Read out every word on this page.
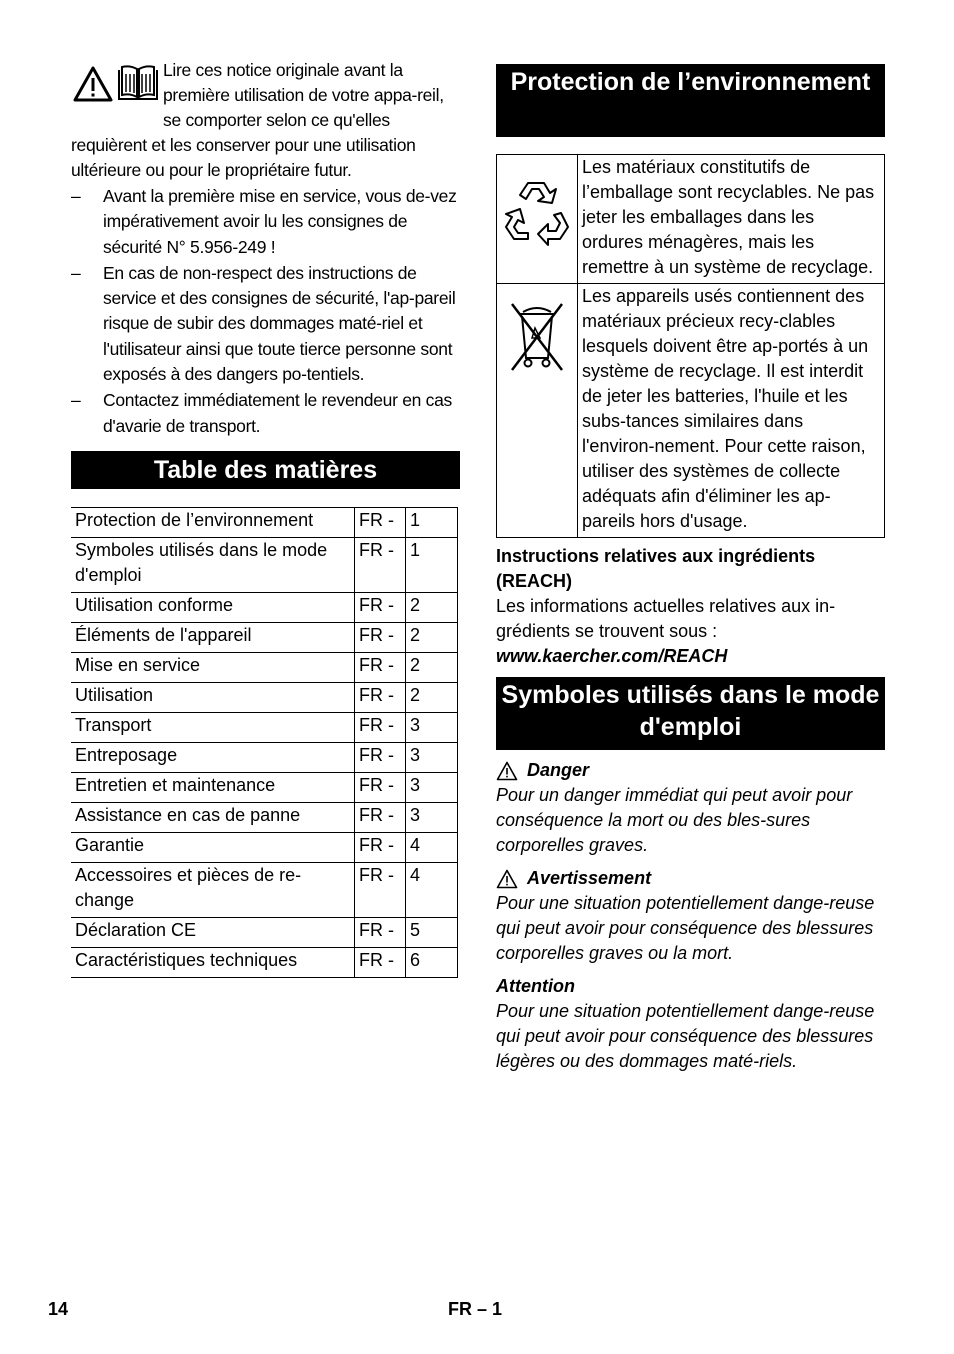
Lire ces notice originale avant la première utilisation de votre appa-reil, se comporter selon ce qu'elles requièrent et les conserver pour une utilisation ultérieure ou pour le propriétaire futur.
– Avant la première mise en service, vous de-vez impérativement avoir lu les consignes de sécurité N° 5.956-249 !
– En cas de non-respect des instructions de service et des consignes de sécurité, l'ap-pareil risque de subir des dommages maté-riel et l'utilisateur ainsi que toute tierce personne sont exposés à des dangers po-tentiels.
– Contactez immédiatement le revendeur en cas d'avarie de transport.
Table des matières
Protection de l’environnement	FR -	1
Symboles utilisés dans le mode d'emploi	FR -	1
Utilisation conforme	FR -	2
Éléments de l'appareil	FR -	2
Mise en service	FR -	2
Utilisation	FR -	2
Transport	FR -	3
Entreposage	FR -	3
Entretien et maintenance	FR -	3
Assistance en cas de panne	FR -	3
Garantie	FR -	4
Accessoires et pièces de re-change	FR -	4
Déclaration CE	FR -	5
Caractéristiques techniques	FR -	6
Protection de l’environnement
	Les matériaux constitutifs de l’emballage sont recyclables. Ne pas jeter les emballages dans les ordures ménagères, mais les remettre à un système de recyclage.
	Les appareils usés contiennent des matériaux précieux recy-clables lesquels doivent être ap-portés à un système de recyclage. Il est interdit de jeter les batteries, l'huile et les subs-tances similaires dans l'environ-nement. Pour cette raison, utiliser des systèmes de collecte adéquats afin d'éliminer les ap-pareils hors d'usage.
Instructions relatives aux ingrédients (REACH)
Les informations actuelles relatives aux in-grédients se trouvent sous :
www.kaercher.com/REACH
Symboles utilisés dans le mode d'emploi
Danger
Pour un danger immédiat qui peut avoir pour conséquence la mort ou des bles-sures corporelles graves.
Avertissement
Pour une situation potentiellement dange-reuse qui peut avoir pour conséquence des blessures corporelles graves ou la mort.
Attention
Pour une situation potentiellement dange-reuse qui peut avoir pour conséquence des blessures légères ou des dommages maté-riels.
14	FR – 1
